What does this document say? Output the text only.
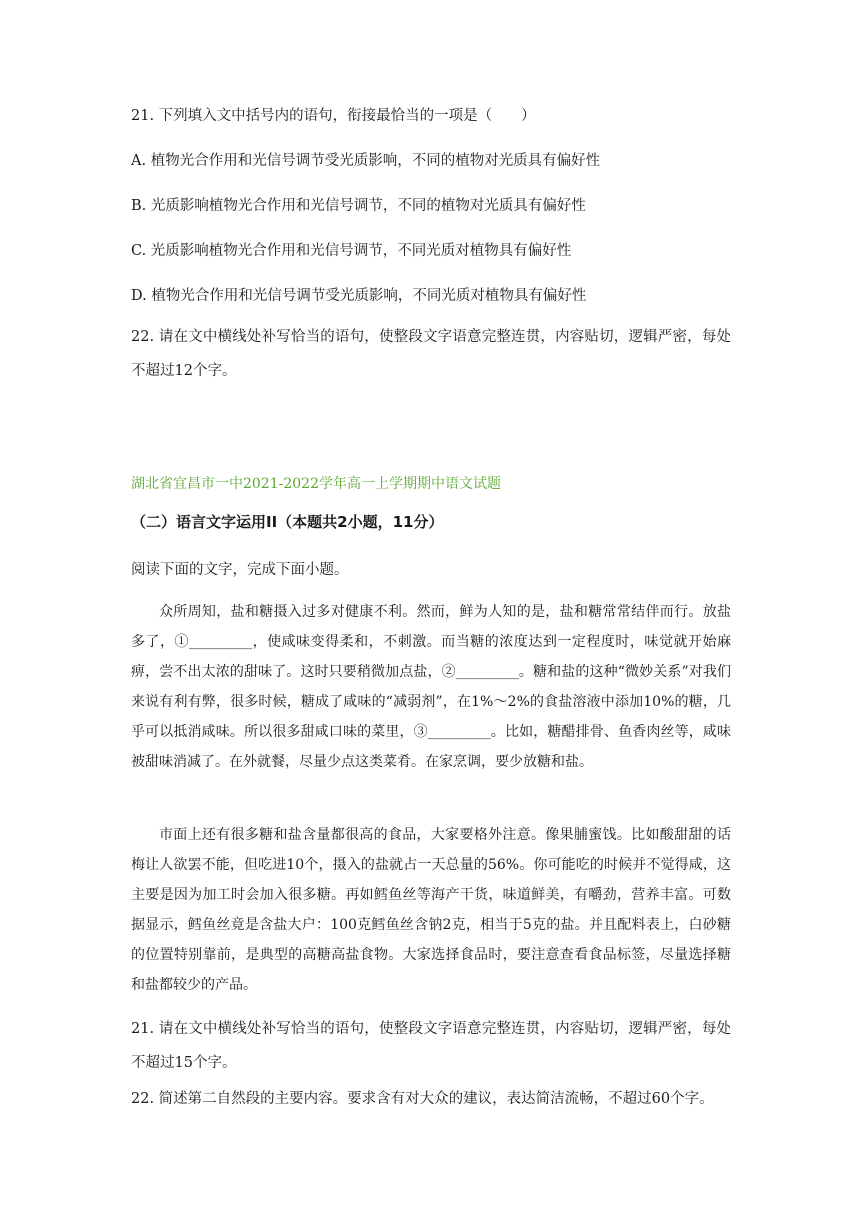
21. 下列填入文中括号内的语句，衔接最恰当的一项是（　　）
A. 植物光合作用和光信号调节受光质影响，不同的植物对光质具有偏好性
B. 光质影响植物光合作用和光信号调节，不同的植物对光质具有偏好性
C. 光质影响植物光合作用和光信号调节，不同光质对植物具有偏好性
D. 植物光合作用和光信号调节受光质影响，不同光质对植物具有偏好性
22. 请在文中横线处补写恰当的语句，使整段文字语意完整连贯，内容贴切，逻辑严密，每处不超过12个字。
湖北省宜昌市一中2021-2022学年高一上学期期中语文试题
（二）语言文字运用II（本题共2小题，11分）
阅读下面的文字，完成下面小题。
众所周知，盐和糖摄入过多对健康不利。然而，鲜为人知的是，盐和糖常常结伴而行。放盐多了，①_________，使咸味变得柔和，不刺激。而当糖的浓度达到一定程度时，味觉就开始麻痹，尝不出太浓的甜味了。这时只要稍微加点盐，②_________。糖和盐的这种“微妙关系”对我们来说有利有弊，很多时候，糖成了咸味的“减弱剂”，在1%～2%的食盐溶液中添加10%的糖，几乎可以抵消咸味。所以很多甜咸口味的菜里，③_________。比如，糖醋排骨、鱼香肉丝等，咸味被甜味消减了。在外就餐，尽量少点这类菜肴。在家烹调，要少放糖和盐。
市面上还有很多糖和盐含量都很高的食品，大家要格外注意。像果脯蜜饯。比如酸甜甜的话梅让人欲罢不能，但吃进10个，摄入的盐就占一天总量的56%。你可能吃的时候并不觉得咸，这主要是因为加工时会加入很多糖。再如鳕鱼丝等海产干货，味道鲜美，有嚼劲，营养丰富。可数据显示，鳕鱼丝竟是含盐大户：100克鳕鱼丝含钠2克，相当于5克的盐。并且配料表上，白砂糖的位置特别靠前，是典型的高糖高盐食物。大家选择食品时，要注意查看食品标签，尽量选择糖和盐都较少的产品。
21. 请在文中横线处补写恰当的语句，使整段文字语意完整连贯，内容贴切，逻辑严密，每处不超过15个字。
22. 简述第二自然段的主要内容。要求含有对大众的建议，表达简洁流畅，不超过60个字。
